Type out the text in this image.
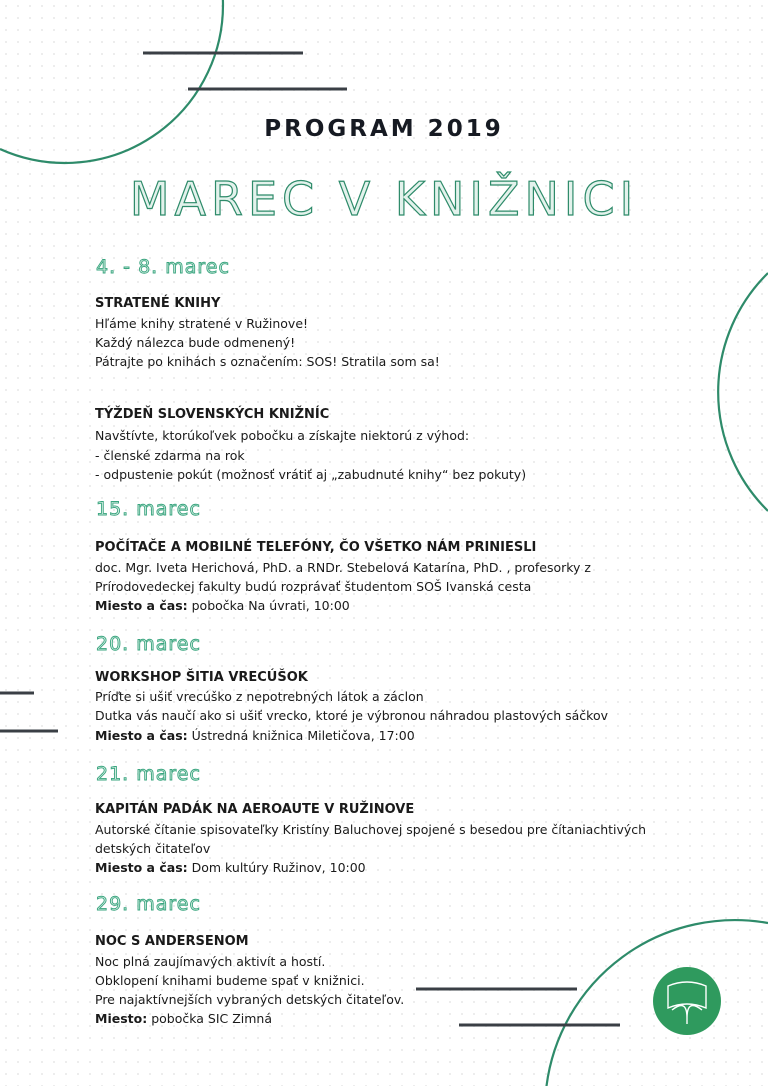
PROGRAM 2019
MAREC V KNIŽNICI
4. - 8. marec
STRATENÉ KNIHY
Hľáme knihy stratené v Ružinove!
Každý nálezca bude odmenený!
Pátrajte po knihách s označením: SOS! Stratila som sa!
TÝŽDEŇ SLOVENSKÝCH KNIŽNÍC
Navštívte, ktorúkoľvek pobočku a získajte niektorú z výhod:
- členské zdarma na rok
- odpustenie pokút (možnosť vrátiť aj „zabudnuté knihy“ bez pokuty)
15. marec
POČÍTAČE A MOBILNÉ TELEFÓNY, ČO VŠETKO NÁM PRINIESLI
doc. Mgr. Iveta Herichová, PhD. a RNDr. Stebelová Katarína, PhD. , profesorky z
Prírodovedeckej fakulty budú rozprávať študentom SOŠ Ivanská cesta
Miesto a čas: pobočka Na úvrati, 10:00
20. marec
WORKSHOP ŠITIA VRECÚŠOK
Príďte si ušiť vrecúško z nepotrebných látok a záclon
Dutka vás naučí ako si ušiť vrecko, ktoré je výbronou náhradou plastových sáčkov
Miesto a čas: Ústredná knižnica Miletičova, 17:00
21. marec
KAPITÁN PADÁK NA AEROAUTE V RUŽINOVE
Autorské čítanie spisovateľky Kristíny Baluchovej spojené s besedou pre čítaniachtivých
detských čitateľov
Miesto a čas: Dom kultúry Ružinov, 10:00
29. marec
NOC S ANDERSENOM
Noc plná zaujímavých aktivít a hostí.
Obklopení knihami budeme spať v knižnici.
Pre najaktívnejších vybraných detských čitateľov.
Miesto: pobočka SIC Zimná
